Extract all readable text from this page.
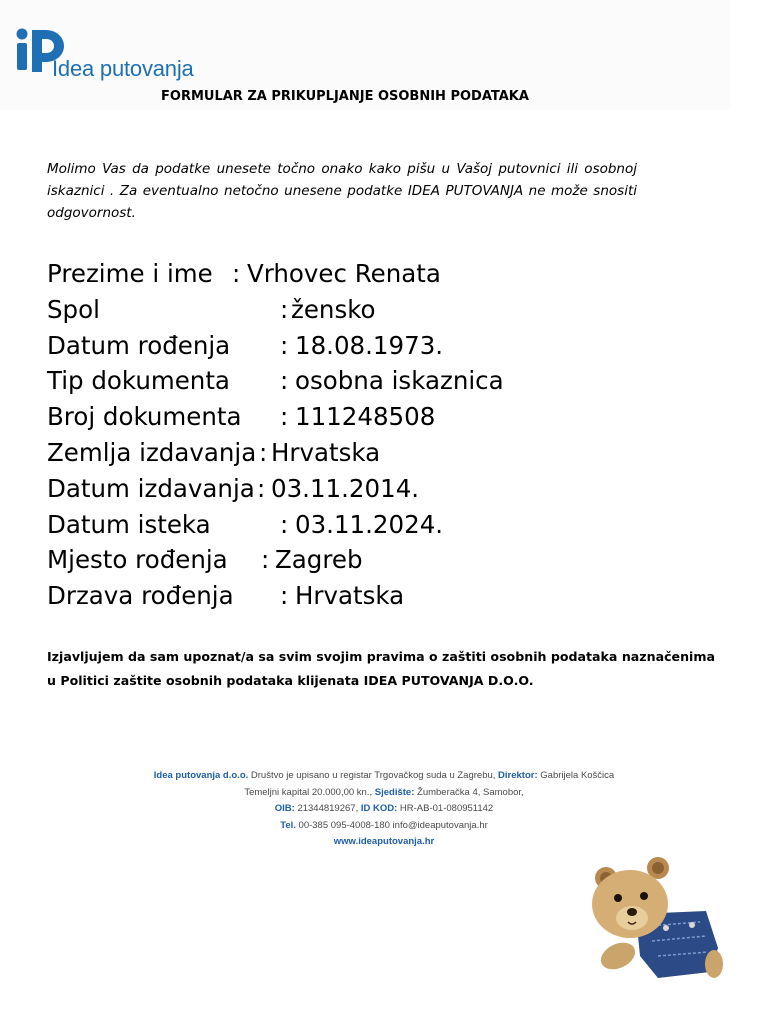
Idea putovanja
FORMULAR ZA PRIKUPLJANJE OSOBNIH PODATAKA
Molimo Vas da podatke unesete točno onako kako pišu u Vašoj putovnici ili osobnoj iskaznici . Za eventualno netočno unesene podatke IDEA PUTOVANJA ne može snositi odgovornost.
Prezime i ime : Vrhovec Renata
Spol	: žensko
Datum rođenja : 18.08.1973.
Tip dokumenta : osobna iskaznica
Broj dokumenta : 111248508
Zemlja izdavanja : Hrvatska
Datum izdavanja : 03.11.2014.
Datum isteka	: 03.11.2024.
Mjesto rođenja : Zagreb
Drzava rođenja : Hrvatska
Izjavljujem da sam upoznat/a sa svim svojim pravima o zaštiti osobnih podataka naznačenima u Politici zaštite osobnih podataka klijenata IDEA PUTOVANJA D.O.O.
Idea putovanja d.o.o. Društvo je upisano u registar Trgovačkog suda u Zagrebu, Direktor: Gabrijela Koščica
Temeljni kapital 20.000,00 kn., Sjedište: Žumberačka 4, Samobor,
OIB: 21344819267, ID KOD: HR-AB-01-080951142
Tel. 00-385 095-4008-180 info@ideaputovanja.hr
www.ideaputovanja.hr
